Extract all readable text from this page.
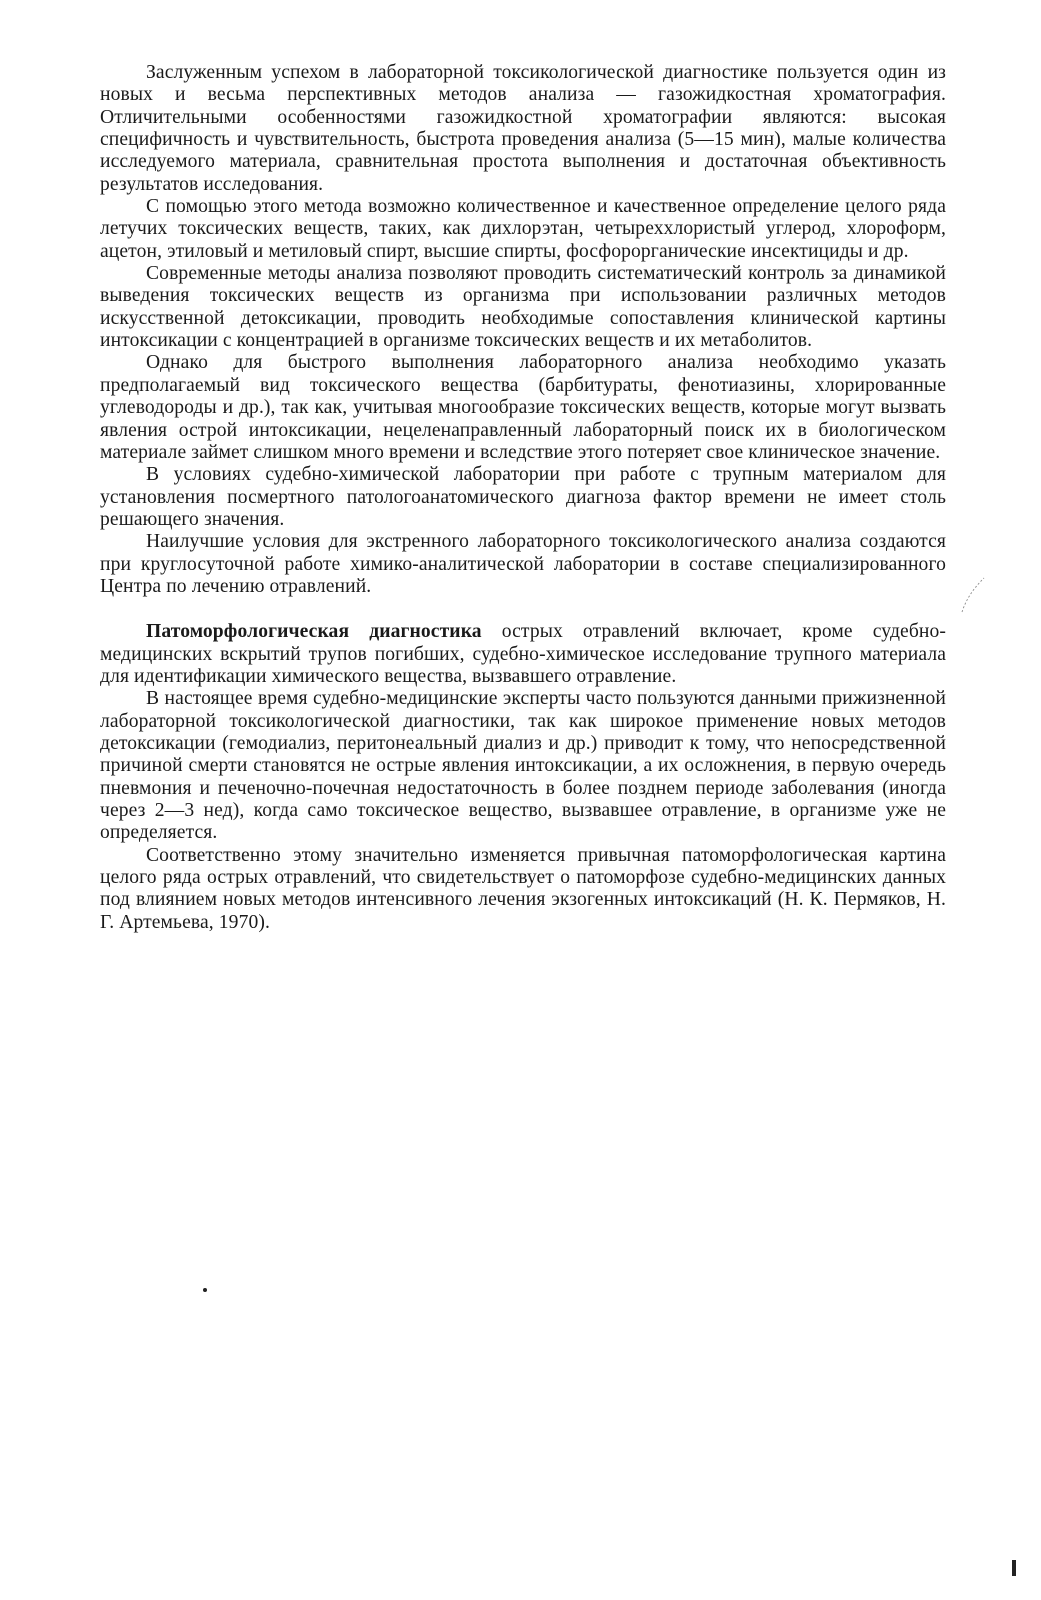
Заслуженным успехом в лабораторной токсикологической диагностике пользуется один из новых и весьма перспективных методов анализа — газожидкостная хроматография. Отличительными особенностями газожидкостной хроматографии являются: высокая специфичность и чувствительность, быстрота проведения анализа (5—15 мин), малые количества исследуемого материала, сравнительная простота выполнения и достаточная объективность результатов исследования.

С помощью этого метода возможно количественное и качественное определение целого ряда летучих токсических веществ, таких, как дихлорэтан, четыреххлористый углерод, хлороформ, ацетон, этиловый и метиловый спирт, высшие спирты, фосфорорганические инсектициды и др.

Современные методы анализа позволяют проводить систематический контроль за динамикой выведения токсических веществ из организма при использовании различных методов искусственной детоксикации, проводить необходимые сопоставления клинической картины интоксикации с концентрацией в организме токсических веществ и их метаболитов.

Однако для быстрого выполнения лабораторного анализа необходимо указать предполагаемый вид токсического вещества (барбитураты, фенотиазины, хлорированные углеводороды и др.), так как, учитывая многообразие токсических веществ, которые могут вызвать явления острой интоксикации, нецеленаправленный лабораторный поиск их в биологическом материале займет слишком много времени и вследствие этого потеряет свое клиническое значение.

В условиях судебно-химической лаборатории при работе с трупным материалом для установления посмертного патологоанатомического диагноза фактор времени не имеет столь решающего значения.

Наилучшие условия для экстренного лабораторного токсикологического анализа создаются при круглосуточной работе химико-аналитической лаборатории в составе специализированного Центра по лечению отравлений.

Патоморфологическая диагностика острых отравлений включает, кроме судебно-медицинских вскрытий трупов погибших, судебно-химическое исследование трупного материала для идентификации химического вещества, вызвавшего отравление.

В настоящее время судебно-медицинские эксперты часто пользуются данными прижизненной лабораторной токсикологической диагностики, так как широкое применение новых методов детоксикации (гемодиализ, перитонеальный диализ и др.) приводит к тому, что непосредственной причиной смерти становятся не острые явления интоксикации, а их осложнения, в первую очередь пневмония и печеночно-почечная недостаточность в более позднем периоде заболевания (иногда через 2—3 нед), когда само токсическое вещество, вызвавшее отравление, в организме уже не определяется.

Соответственно этому значительно изменяется привычная патоморфологическая картина целого ряда острых отравлений, что свидетельствует о патоморфозе судебно-медицинских данных под влиянием новых методов интенсивного лечения экзогенных интоксикаций (Н. К. Пермяков, Н. Г. Артемьева, 1970).
